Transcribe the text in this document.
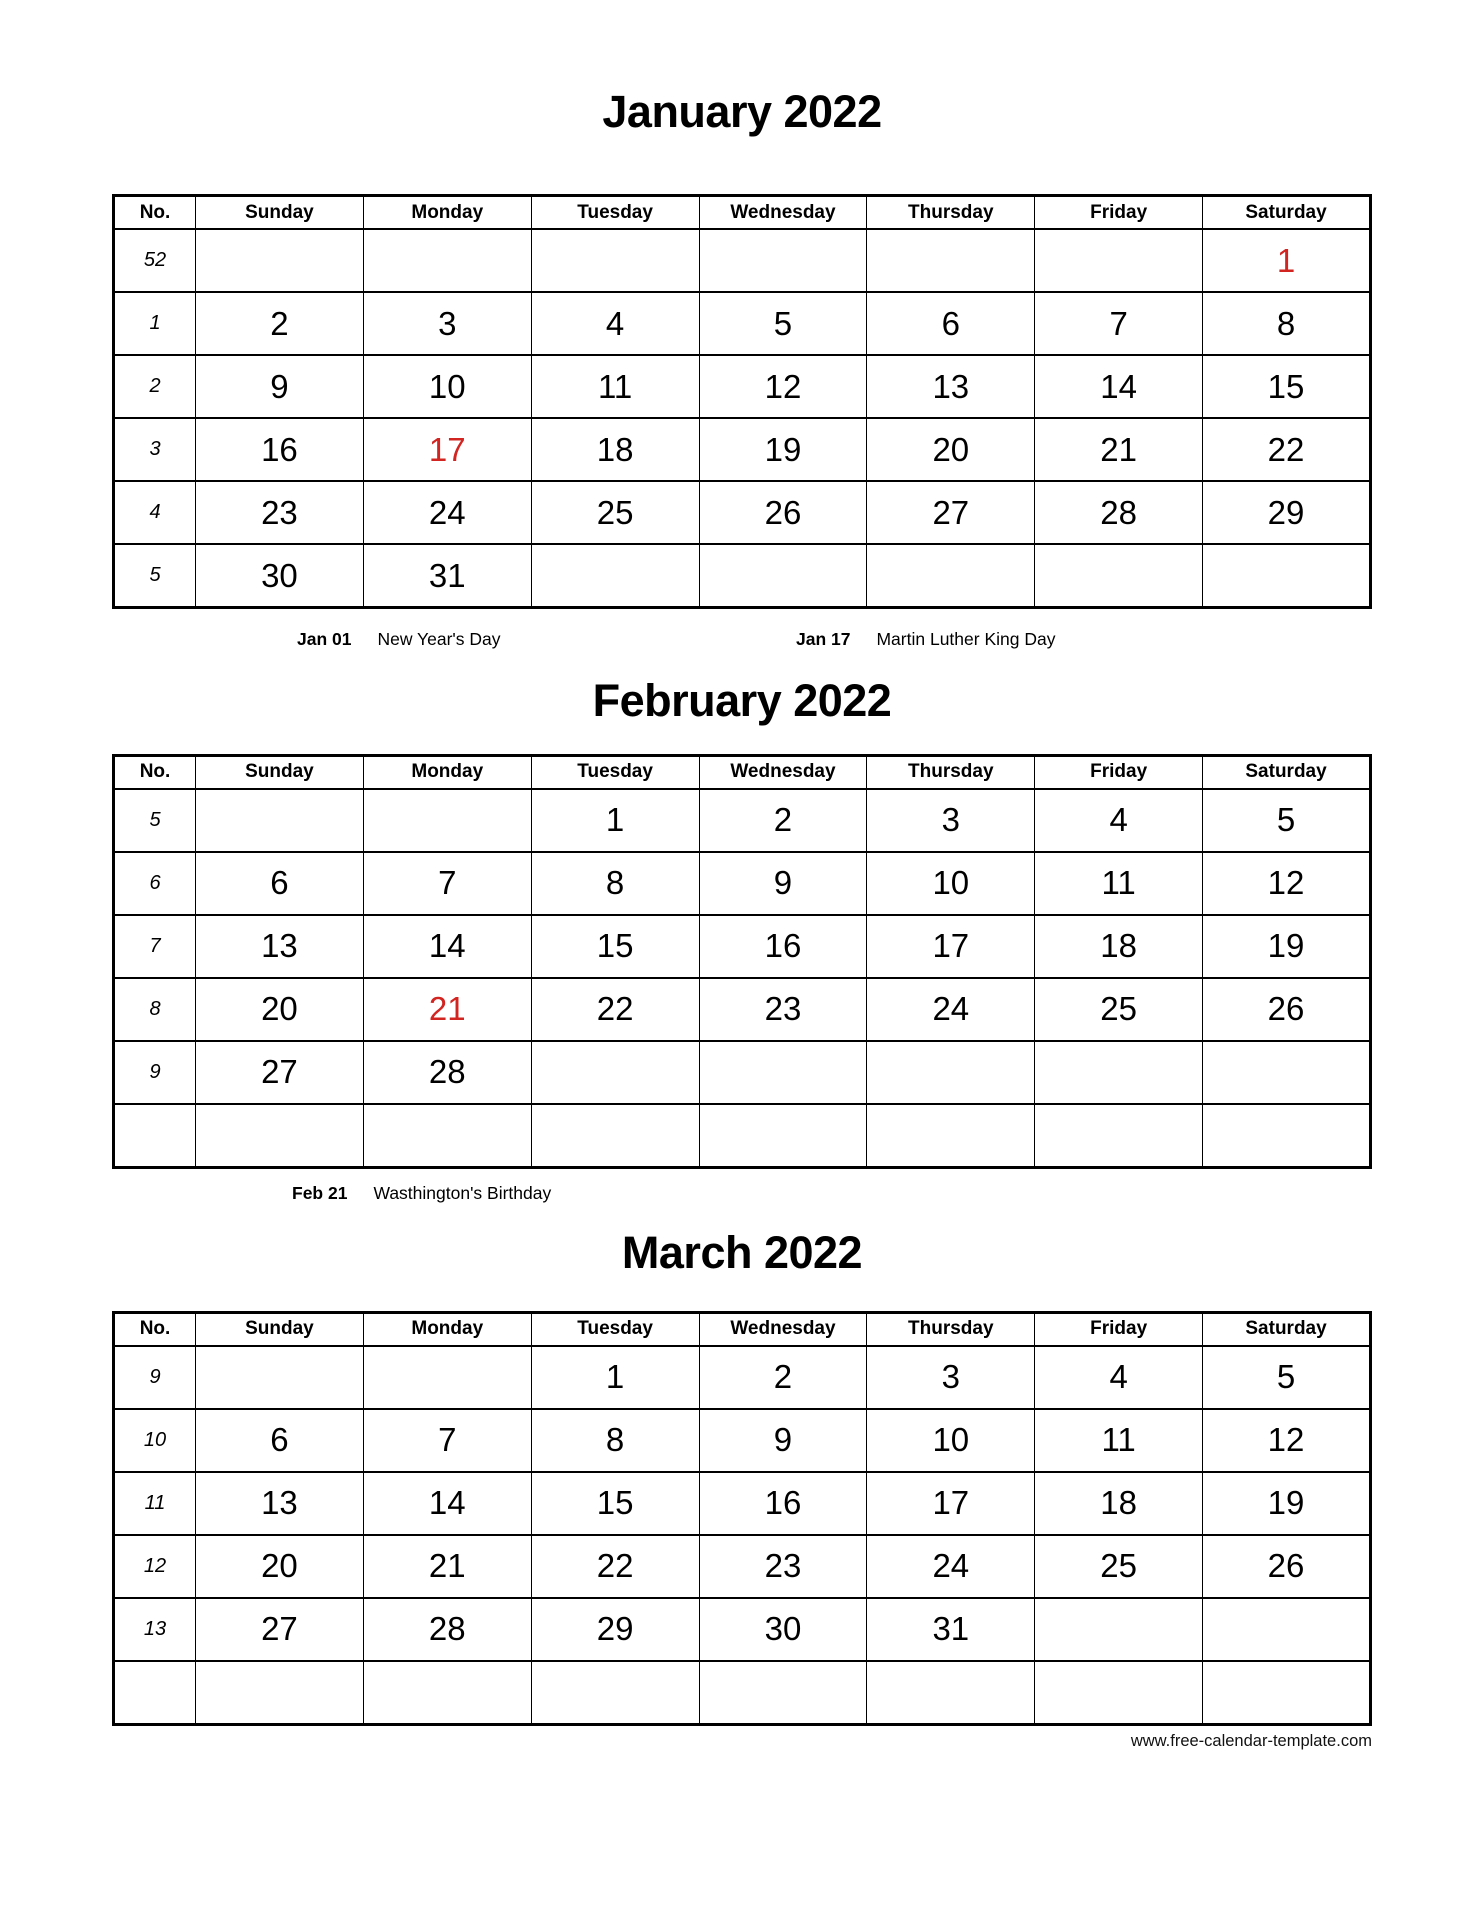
January 2022
No.	Sunday	Monday	Tuesday	Wednesday	Thursday	Friday	Saturday
52							1
1	2	3	4	5	6	7	8
2	9	10	11	12	13	14	15
3	16	17	18	19	20	21	22
4	23	24	25	26	27	28	29
5	30	31					
Jan 01 New Year's Day	Jan 17 Martin Luther King Day
February 2022
No.	Sunday	Monday	Tuesday	Wednesday	Thursday	Friday	Saturday
5			1	2	3	4	5
6	6	7	8	9	10	11	12
7	13	14	15	16	17	18	19
8	20	21	22	23	24	25	26
9	27	28					

Feb 21 Wasthington's Birthday
March 2022
No.	Sunday	Monday	Tuesday	Wednesday	Thursday	Friday	Saturday
9			1	2	3	4	5
10	6	7	8	9	10	11	12
11	13	14	15	16	17	18	19
12	20	21	22	23	24	25	26
13	27	28	29	30	31		

www.free-calendar-template.com
